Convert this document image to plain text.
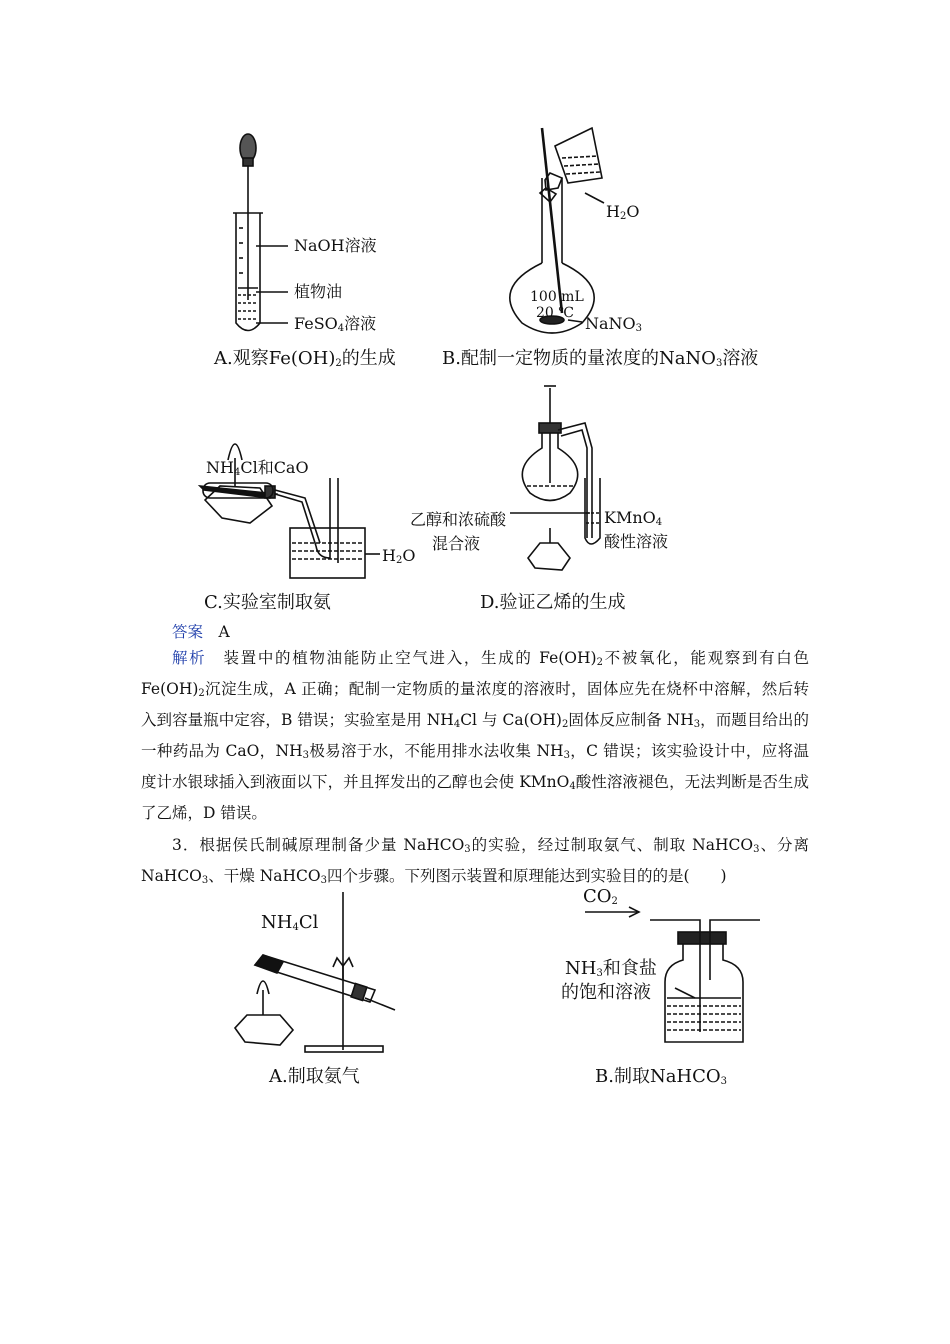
NaOH溶液
植物油
FeSO$_4$溶液
A.观察$Fe(OH)_2$的生成
$H_2O$
100 mL
20 ℃
NaNO$_3$
B.配制一定物质的量浓度的NaNO$_3$溶液
$NH_4Cl$和CaO
$H_2O$
C.实验室制取氨
乙醇和浓硫酸
混合液
KMnO$_4$
酸性溶液
D.验证乙烯的生成

答案　 A

解析　 装置中的植物油能防止空气进入，生成的 $Fe(OH)_2$不被氧化，能观察到有白色 $Fe(OH)_2$沉淀生成，A 正确；配制一定物质的量浓度的溶液时，固体应先在烧杯中溶解，然后转入到容量瓶中定容，B 错误；实验室是用 $NH_4Cl$ 与 $Ca(OH)_2$固体反应制备 $NH_3$，而题目给出的一种药品为 CaO，$NH_3$极易溶于水，不能用排水法收集 $NH_3$，C 错误；该实验设计中，应将温度计水银球插入到液面以下，并且挥发出的乙醇也会使 KMnO$_4$酸性溶液褪色，无法判断是否生成了乙烯，D 错误。

3．根据侯氏制碱原理制备少量 NaHCO$_3$的实验，经过制取氨气、制取 NaHCO$_3$、分离 NaHCO$_3$、干燥 NaHCO$_3$四个步骤。下列图示装置和原理能达到实验目的的是(　　)

$NH_4Cl$
A.制取氨气
$CO_2$
$NH_3$和食盐
的饱和溶液
B.制取NaHCO$_3$
